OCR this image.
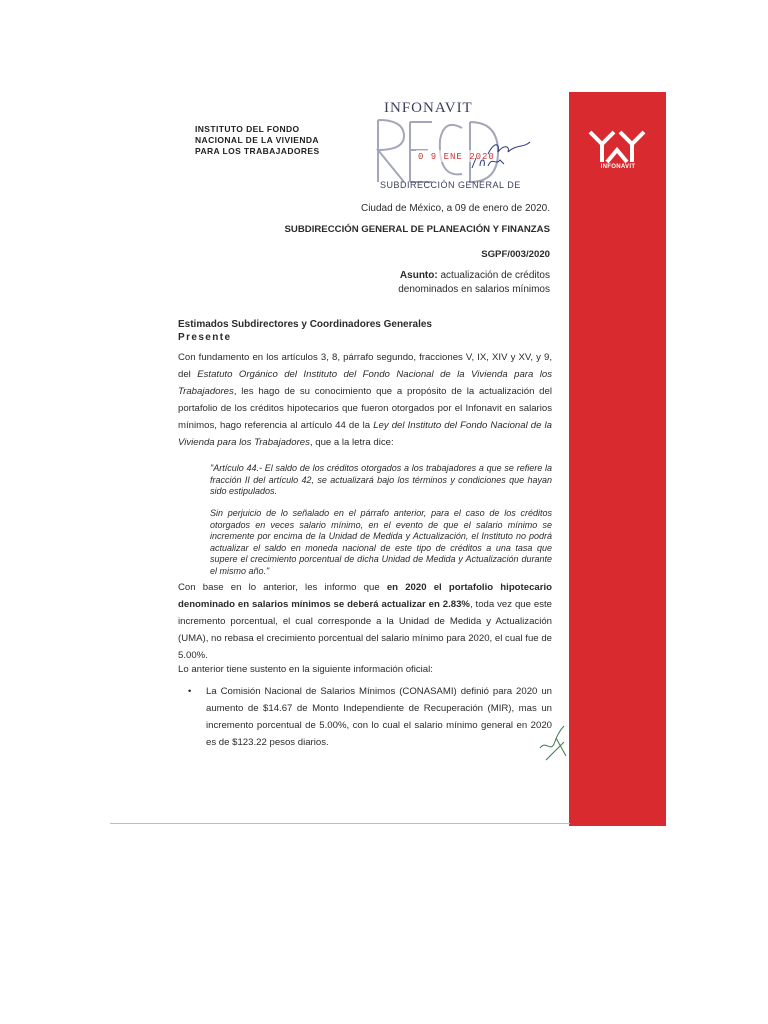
INFONAVIT
INSTITUTO DEL FONDO
NACIONAL DE LA VIVIENDA
PARA LOS TRABAJADORES
INFONAVIT
0 9 ENE 2020
SUBDIRECCIÓN GENERAL DE
Ciudad de México, a 09 de enero de 2020.
SUBDIRECCIÓN GENERAL DE PLANEACIÓN Y FINANZAS
SGPF/003/2020
Asunto: actualización de créditos
denominados en salarios mínimos
Estimados Subdirectores y Coordinadores Generales
Presente
Con fundamento en los artículos 3, 8, párrafo segundo, fracciones V, IX, XIV y XV, y 9, del Estatuto Orgánico del Instituto del Fondo Nacional de la Vivienda para los Trabajadores, les hago de su conocimiento que a propósito de la actualización del portafolio de los créditos hipotecarios que fueron otorgados por el Infonavit en salarios mínimos, hago referencia al artículo 44 de la Ley del Instituto del Fondo Nacional de la Vivienda para los Trabajadores, que a la letra dice:
"Artículo 44.- El saldo de los créditos otorgados a los trabajadores a que se refiere la fracción II del artículo 42, se actualizará bajo los términos y condiciones que hayan sido estipulados.
Sin perjuicio de lo señalado en el párrafo anterior, para el caso de los créditos otorgados en veces salario mínimo, en el evento de que el salario mínimo se incremente por encima de la Unidad de Medida y Actualización, el Instituto no podrá actualizar el saldo en moneda nacional de este tipo de créditos a una tasa que supere el crecimiento porcentual de dicha Unidad de Medida y Actualización durante el mismo año."
Con base en lo anterior, les informo que en 2020 el portafolio hipotecario denominado en salarios mínimos se deberá actualizar en 2.83%, toda vez que este incremento porcentual, el cual corresponde a la Unidad de Medida y Actualización (UMA), no rebasa el crecimiento porcentual del salario mínimo para 2020, el cual fue de 5.00%.
Lo anterior tiene sustento en la siguiente información oficial:
• La Comisión Nacional de Salarios Mínimos (CONASAMI) definió para 2020 un aumento de $14.67 de Monto Independiente de Recuperación (MIR), mas un incremento porcentual de 5.00%, con lo cual el salario mínimo general en 2020 es de $123.22 pesos diarios.
